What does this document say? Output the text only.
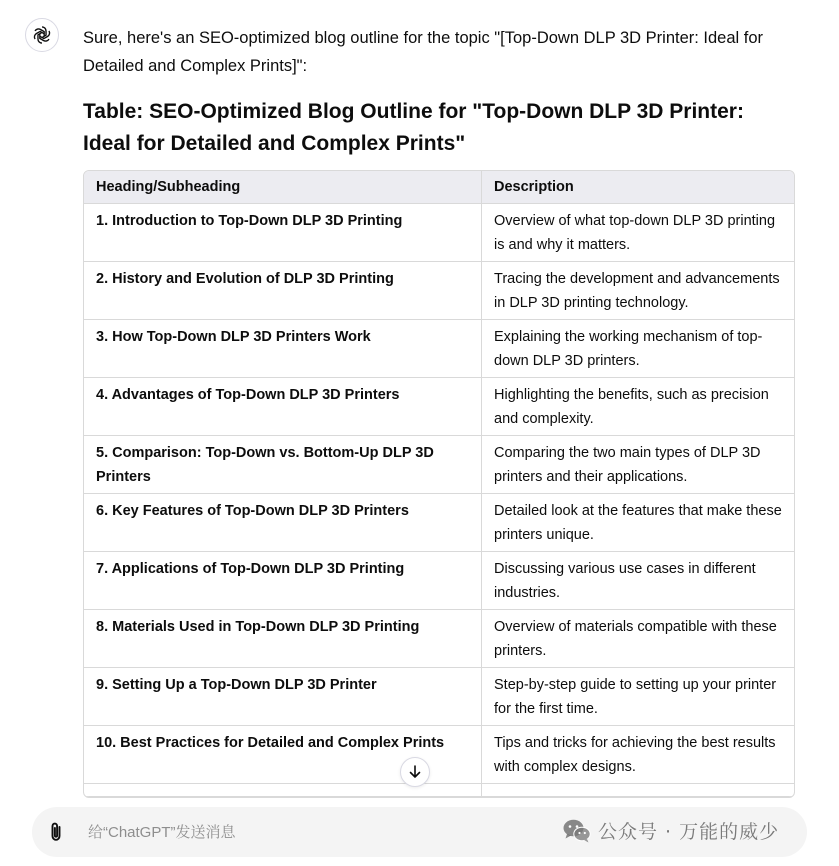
Sure, here's an SEO-optimized blog outline for the topic "[Top-Down DLP 3D Printer: Ideal for Detailed and Complex Prints]":

Table: SEO-Optimized Blog Outline for "Top-Down DLP 3D Printer: Ideal for Detailed and Complex Prints"
Heading/Subheading	Description
1. Introduction to Top-Down DLP 3D Printing	Overview of what top-down DLP 3D printing is and why it matters.
2. History and Evolution of DLP 3D Printing	Tracing the development and advancements in DLP 3D printing technology.
3. How Top-Down DLP 3D Printers Work	Explaining the working mechanism of top-down DLP 3D printers.
4. Advantages of Top-Down DLP 3D Printers	Highlighting the benefits, such as precision and complexity.
5. Comparison: Top-Down vs. Bottom-Up DLP 3D Printers	Comparing the two main types of DLP 3D printers and their applications.
6. Key Features of Top-Down DLP 3D Printers	Detailed look at the features that make these printers unique.
7. Applications of Top-Down DLP 3D Printing	Discussing various use cases in different industries.
8. Materials Used in Top-Down DLP 3D Printing	Overview of materials compatible with these printers.
9. Setting Up a Top-Down DLP 3D Printer	Step-by-step guide to setting up your printer for the first time.
10. Best Practices for Detailed and Complex Prints	Tips and tricks for achieving the best results with complex designs.

给“ChatGPT”发送消息
公众号 · 万能的威少
